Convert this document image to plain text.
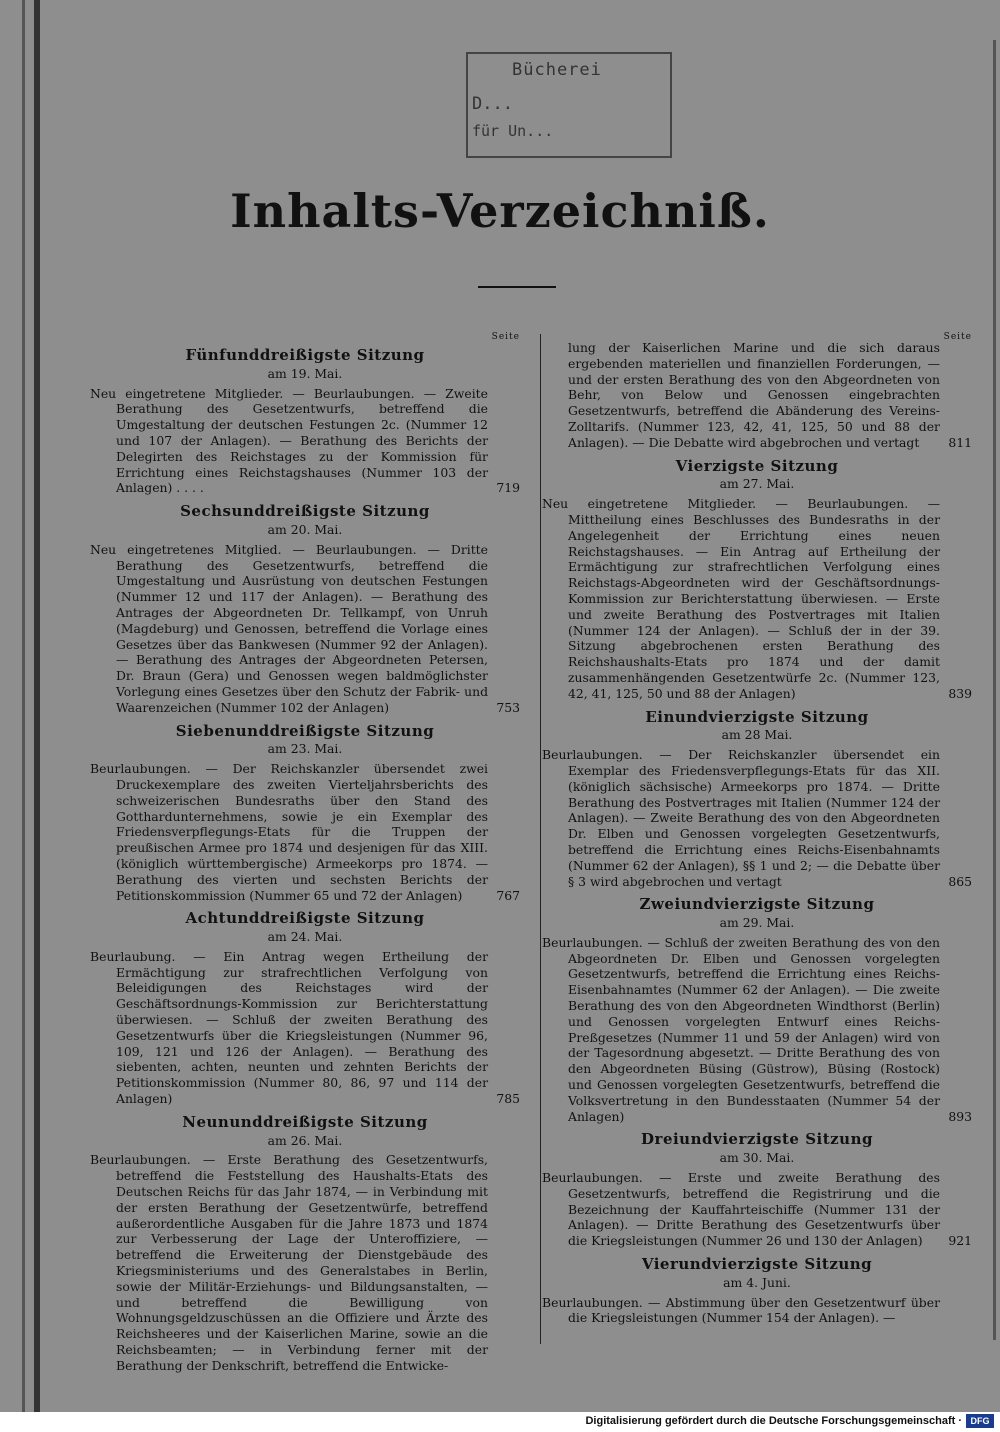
Bücherei
D...
für Un...
Inhalts-Verzeichniß.
Seite
Fünfunddreißigste Sitzung
am 19. Mai.
Neu eingetretene Mitglieder. — Beurlaubungen. — Zweite Berathung des Gesetzentwurfs, betreffend die Umgestaltung der deutschen Festungen 2c. (Nummer 12 und 107 der Anlagen). — Berathung des Berichts der Delegirten des Reichstages zu der Kommission für Errichtung eines Reichstagshauses (Nummer 103 der Anlagen) . . . .	719
Sechsunddreißigste Sitzung
am 20. Mai.
Neu eingetretenes Mitglied. — Beurlaubungen. — Dritte Berathung des Gesetzentwurfs, betreffend die Umgestaltung und Ausrüstung von deutschen Festungen (Nummer 12 und 117 der Anlagen). — Berathung des Antrages der Abgeordneten Dr. Tellkampf, von Unruh (Magdeburg) und Genossen, betreffend die Vorlage eines Gesetzes über das Bankwesen (Nummer 92 der Anlagen). — Berathung des Antrages der Abgeordneten Petersen, Dr. Braun (Gera) und Genossen wegen baldmöglichster Vorlegung eines Gesetzes über den Schutz der Fabrik- und Waarenzeichen (Nummer 102 der Anlagen)	753
Siebenunddreißigste Sitzung
am 23. Mai.
Beurlaubungen. — Der Reichskanzler übersendet zwei Druckexemplare des zweiten Vierteljahrsberichts des schweizerischen Bundesraths über den Stand des Gotthardunternehmens, sowie je ein Exemplar des Friedensverpflegungs-Etats für die Truppen der preußischen Armee pro 1874 und desjenigen für das XIII. (königlich württembergische) Armeekorps pro 1874. — Berathung des vierten und sechsten Berichts der Petitionskommission (Nummer 65 und 72 der Anlagen)	767
Achtunddreißigste Sitzung
am 24. Mai.
Beurlaubung. — Ein Antrag wegen Ertheilung der Ermächtigung zur strafrechtlichen Verfolgung von Beleidigungen des Reichstages wird der Geschäftsordnungs-Kommission zur Berichterstattung überwiesen. — Schluß der zweiten Berathung des Gesetzentwurfs über die Kriegsleistungen (Nummer 96, 109, 121 und 126 der Anlagen). — Berathung des siebenten, achten, neunten und zehnten Berichts der Petitionskommission (Nummer 80, 86, 97 und 114 der Anlagen)	785
Neununddreißigste Sitzung
am 26. Mai.
Beurlaubungen. — Erste Berathung des Gesetzentwurfs, betreffend die Feststellung des Haushalts-Etats des Deutschen Reichs für das Jahr 1874, — in Verbindung mit der ersten Berathung der Gesetzentwürfe, betreffend außerordentliche Ausgaben für die Jahre 1873 und 1874 zur Verbesserung der Lage der Unteroffiziere, — betreffend die Erweiterung der Dienstgebäude des Kriegsministeriums und des Generalstabes in Berlin, sowie der Militär-Erziehungs- und Bildungsanstalten, — und betreffend die Bewilligung von Wohnungsgeldzuschüssen an die Offiziere und Ärzte des Reichsheeres und der Kaiserlichen Marine, sowie an die Reichsbeamten; — in Verbindung ferner mit der Berathung der Denkschrift, betreffend die Entwicke-
Seite
lung der Kaiserlichen Marine und die sich daraus ergebenden materiellen und finanziellen Forderungen, — und der ersten Berathung des von den Abgeordneten von Behr, von Below und Genossen eingebrachten Gesetzentwurfs, betreffend die Abänderung des Vereins-Zolltarifs. (Nummer 123, 42, 41, 125, 50 und 88 der Anlagen). — Die Debatte wird abgebrochen und vertagt 811
Vierzigste Sitzung
am 27. Mai.
Neu eingetretene Mitglieder. — Beurlaubungen. — Mittheilung eines Beschlusses des Bundesraths in der Angelegenheit der Errichtung eines neuen Reichstagshauses. — Ein Antrag auf Ertheilung der Ermächtigung zur strafrechtlichen Verfolgung eines Reichstags-Abgeordneten wird der Geschäftsordnungs-Kommission zur Berichterstattung überwiesen. — Erste und zweite Berathung des Postvertrages mit Italien (Nummer 124 der Anlagen). — Schluß der in der 39. Sitzung abgebrochenen ersten Berathung des Reichshaushalts-Etats pro 1874 und der damit zusammenhängenden Gesetzentwürfe 2c. (Nummer 123, 42, 41, 125, 50 und 88 der Anlagen)	839
Einundvierzigste Sitzung
am 28 Mai.
Beurlaubungen. — Der Reichskanzler übersendet ein Exemplar des Friedensverpflegungs-Etats für das XII. (königlich sächsische) Armeekorps pro 1874. — Dritte Berathung des Postvertrages mit Italien (Nummer 124 der Anlagen). — Zweite Berathung des von den Abgeordneten Dr. Elben und Genossen vorgelegten Gesetzentwurfs, betreffend die Errichtung eines Reichs-Eisenbahnamts (Nummer 62 der Anlagen), §§ 1 und 2; — die Debatte über § 3 wird abgebrochen und vertagt	865
Zweiundvierzigste Sitzung
am 29. Mai.
Beurlaubungen. — Schluß der zweiten Berathung des von den Abgeordneten Dr. Elben und Genossen vorgelegten Gesetzentwurfs, betreffend die Errichtung eines Reichs-Eisenbahnamtes (Nummer 62 der Anlagen). — Die zweite Berathung des von den Abgeordneten Windthorst (Berlin) und Genossen vorgelegten Entwurf eines Reichs-Preßgesetzes (Nummer 11 und 59 der Anlagen) wird von der Tagesordnung abgesetzt. — Dritte Berathung des von den Abgeordneten Büsing (Güstrow), Büsing (Rostock) und Genossen vorgelegten Gesetzentwurfs, betreffend die Volksvertretung in den Bundesstaaten (Nummer 54 der Anlagen)	893
Dreiundvierzigste Sitzung
am 30. Mai.
Beurlaubungen. — Erste und zweite Berathung des Gesetzentwurfs, betreffend die Registrirung und die Bezeichnung der Kauffahrteischiffe (Nummer 131 der Anlagen). — Dritte Berathung des Gesetzentwurfs über die Kriegsleistungen (Nummer 26 und 130 der Anlagen) 921
Vierundvierzigste Sitzung
am 4. Juni.
Beurlaubungen. — Abstimmung über den Gesetzentwurf über die Kriegsleistungen (Nummer 154 der Anlagen). —
Digitalisierung gefördert durch die Deutsche Forschungsgemeinschaft · DFG
